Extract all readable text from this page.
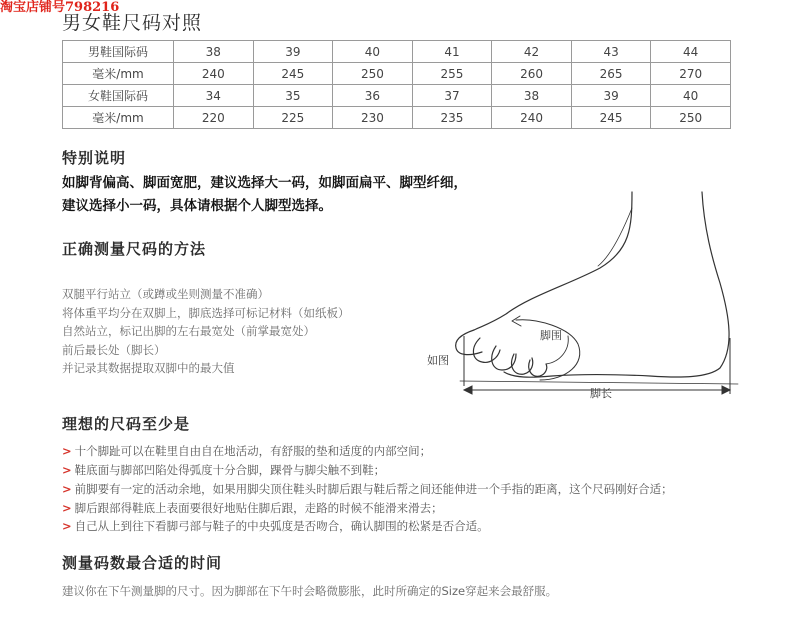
淘宝店铺号798216
男女鞋尺码对照
男鞋国际码	38	39	40	41	42	43	44
毫米/mm	240	245	250	255	260	265	270
女鞋国际码	34	35	36	37	38	39	40
毫米/mm	220	225	230	235	240	245	250
特别说明
如脚背偏高、脚面宽肥，建议选择大一码，如脚面扁平、脚型纤细，
建议选择小一码，具体请根据个人脚型选择。
正确测量尺码的方法
双腿平行站立（或蹲或坐则测量不准确）
将体重平均分在双脚上，脚底选择可标记材料（如纸板）
自然站立，标记出脚的左右最宽处（前掌最宽处）
前后最长处（脚长）
并记录其数据提取双脚中的最大值
脚围
如图
脚长
理想的尺码至少是
> 十个脚趾可以在鞋里自由自在地活动，有舒服的垫和适度的内部空间；
> 鞋底面与脚部凹陷处得弧度十分合脚，踝骨与脚尖触不到鞋；
> 前脚要有一定的活动余地，如果用脚尖顶住鞋头时脚后跟与鞋后帮之间还能伸进一个手指的距离，这个尺码刚好合适；
> 脚后跟部得鞋底上表面要很好地贴住脚后跟，走路的时候不能滑来滑去；
> 自己从上到往下看脚弓部与鞋子的中央弧度是否吻合，确认脚围的松紧是否合适。
测量码数最合适的时间
建议你在下午测量脚的尺寸。因为脚部在下午时会略微膨胀，此时所确定的Size穿起来会最舒服。
